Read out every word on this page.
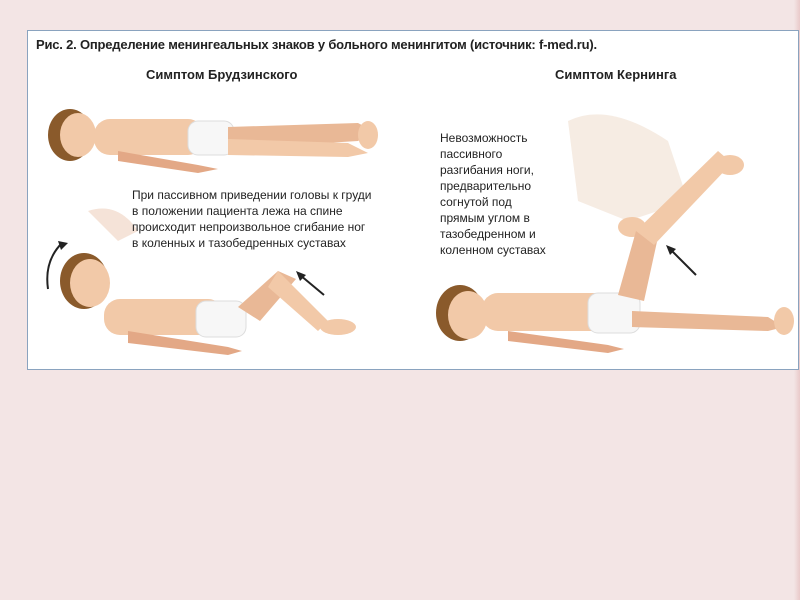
Рис. 2. Определение менингеальных знаков у больного менингитом (источник: f-med.ru).
Симптом Брудзинского	Симптом Кернинга
При пассивном приведении головы к груди
в положении пациента лежа на спине
происходит непроизвольное сгибание ног
в коленных и тазобедренных суставах
Невозможность
пассивного
разгибания ноги,
предварительно
согнутой под
прямым углом в
тазобедренном и
коленном суставах
